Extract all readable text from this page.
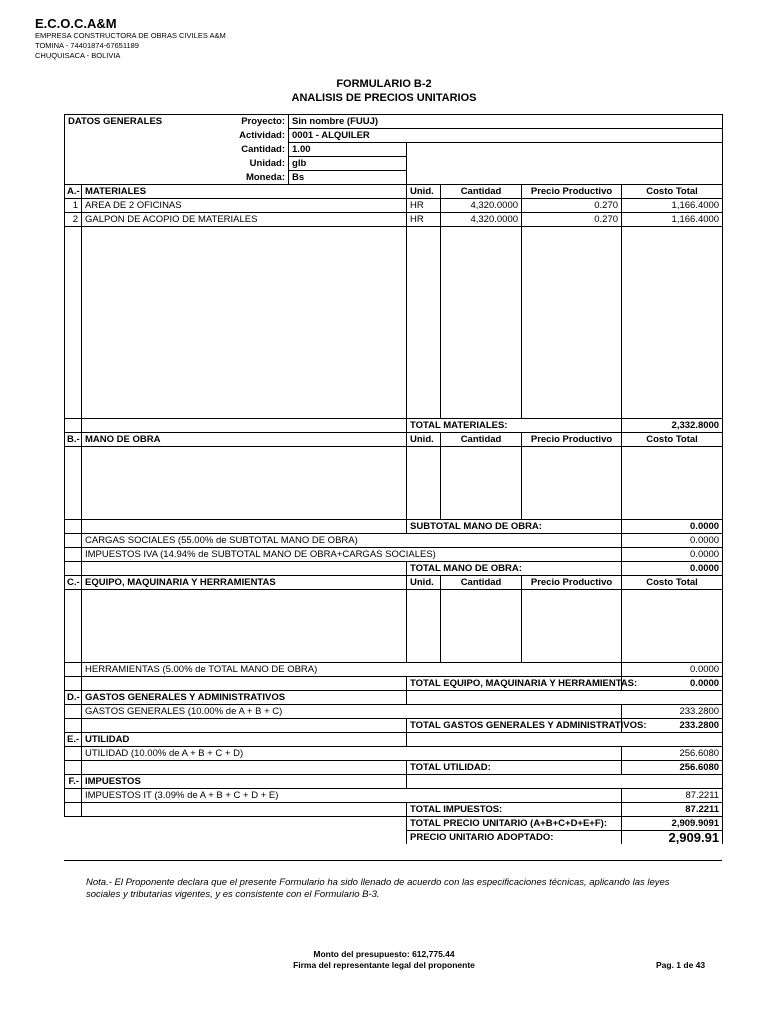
E.C.O.C.A&M
EMPRESA CONSTRUCTORA DE OBRAS CIVILES A&M
TOMINA - 74401874-67651189
CHUQUISACA - BOLIVIA
FORMULARIO B-2
ANALISIS DE PRECIOS UNITARIOS
DATOS GENERALES		Proyecto:	Sin nombre (FUUJ)				
		Actividad:	0001 - ALQUILER				
		Cantidad:	1.00				
		Unidad:	glb				
		Moneda:	Bs				
A.-	MATERIALES			Unid.	Cantidad	Precio Productivo	Costo Total
1	AREA DE 2 OFICINAS			HR	4,320.0000	0.270	1,166.4000
2	GALPON DE ACOPIO DE MATERIALES			HR	4,320.0000	0.270	1,166.4000

				TOTAL MATERIALES:			2,332.8000
B.-	MANO DE OBRA			Unid.	Cantidad	Precio Productivo	Costo Total

				SUBTOTAL MANO DE OBRA:			0.0000
	CARGAS SOCIALES (55.00% de SUBTOTAL MANO DE OBRA)						0.0000
	IMPUESTOS IVA (14.94% de SUBTOTAL MANO DE OBRA+CARGAS SOCIALES)						0.0000
				TOTAL MANO DE OBRA:			0.0000
C.-	EQUIPO, MAQUINARIA Y HERRAMIENTAS			Unid.	Cantidad	Precio Productivo	Costo Total

	HERRAMIENTAS (5.00% de TOTAL MANO DE OBRA)						0.0000
				TOTAL EQUIPO, MAQUINARIA Y HERRAMIENTAS:			0.0000
D.-	GASTOS GENERALES Y ADMINISTRATIVOS						
	GASTOS GENERALES (10.00% de A + B + C)						233.2800
				TOTAL GASTOS GENERALES Y ADMINISTRATIVOS:			233.2800
E.-	UTILIDAD						
	UTILIDAD (10.00% de A + B + C + D)						256.6080
				TOTAL UTILIDAD:			256.6080
F.-	IMPUESTOS						
	IMPUESTOS IT (3.09% de A + B + C + D + E)						87.2211
				TOTAL IMPUESTOS:			87.2211
				TOTAL PRECIO UNITARIO (A+B+C+D+E+F):			2,909.9091
				PRECIO UNITARIO ADOPTADO:			2,909.91
Nota.- El Proponente declara que el presente Formulario ha sido llenado de acuerdo con las especificaciones técnicas, aplicando las leyes sociales y tributarias vigentes, y es consistente con el Formulario B-3.
Monto del presupuesto: 612,775.44
Firma del representante legal del proponente	Pag. 1 de 43
